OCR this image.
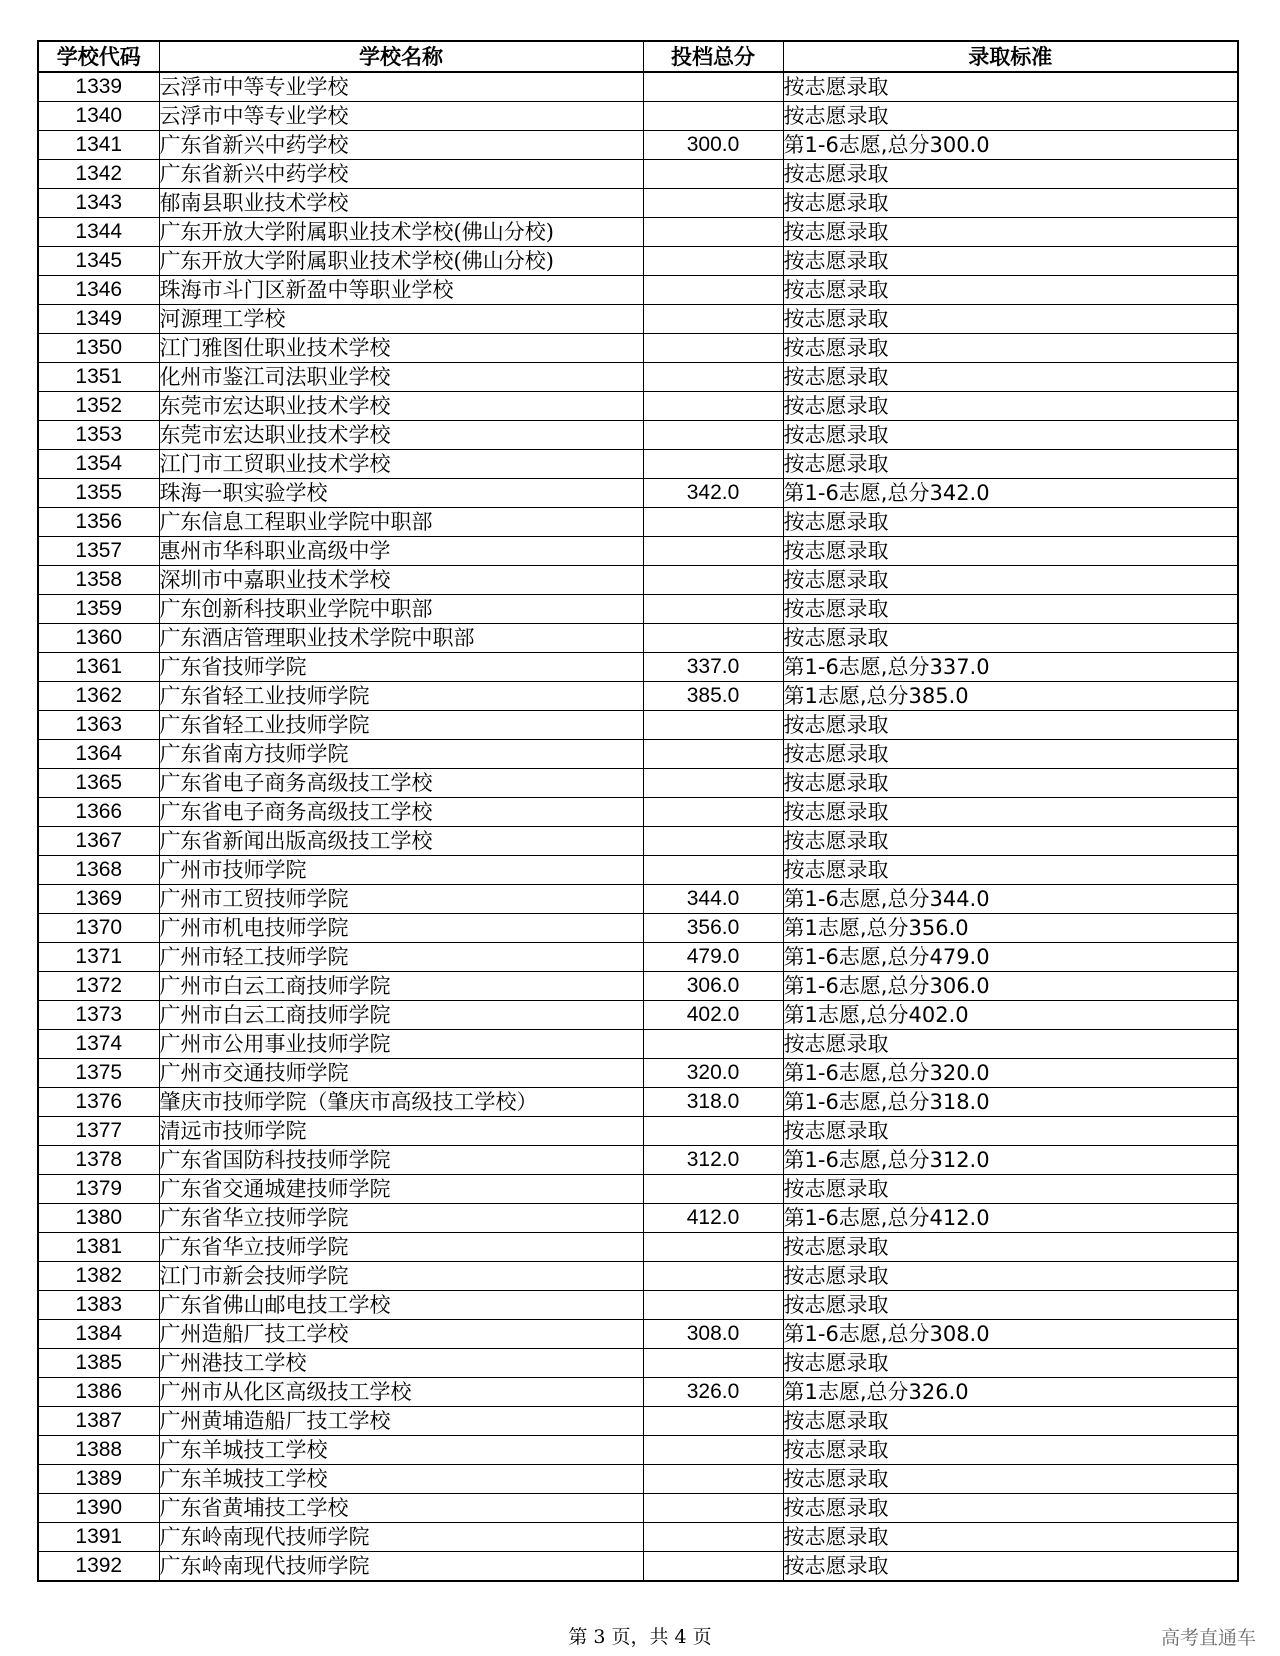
学校代码	学校名称	投档总分	录取标准
1339	云浮市中等专业学校		按志愿录取
1340	云浮市中等专业学校		按志愿录取
1341	广东省新兴中药学校	300.0	第1-6志愿,总分300.0
1342	广东省新兴中药学校		按志愿录取
1343	郁南县职业技术学校		按志愿录取
1344	广东开放大学附属职业技术学校(佛山分校)		按志愿录取
1345	广东开放大学附属职业技术学校(佛山分校)		按志愿录取
1346	珠海市斗门区新盈中等职业学校		按志愿录取
1349	河源理工学校		按志愿录取
1350	江门雅图仕职业技术学校		按志愿录取
1351	化州市鉴江司法职业学校		按志愿录取
1352	东莞市宏达职业技术学校		按志愿录取
1353	东莞市宏达职业技术学校		按志愿录取
1354	江门市工贸职业技术学校		按志愿录取
1355	珠海一职实验学校	342.0	第1-6志愿,总分342.0
1356	广东信息工程职业学院中职部		按志愿录取
1357	惠州市华科职业高级中学		按志愿录取
1358	深圳市中嘉职业技术学校		按志愿录取
1359	广东创新科技职业学院中职部		按志愿录取
1360	广东酒店管理职业技术学院中职部		按志愿录取
1361	广东省技师学院	337.0	第1-6志愿,总分337.0
1362	广东省轻工业技师学院	385.0	第1志愿,总分385.0
1363	广东省轻工业技师学院		按志愿录取
1364	广东省南方技师学院		按志愿录取
1365	广东省电子商务高级技工学校		按志愿录取
1366	广东省电子商务高级技工学校		按志愿录取
1367	广东省新闻出版高级技工学校		按志愿录取
1368	广州市技师学院		按志愿录取
1369	广州市工贸技师学院	344.0	第1-6志愿,总分344.0
1370	广州市机电技师学院	356.0	第1志愿,总分356.0
1371	广州市轻工技师学院	479.0	第1-6志愿,总分479.0
1372	广州市白云工商技师学院	306.0	第1-6志愿,总分306.0
1373	广州市白云工商技师学院	402.0	第1志愿,总分402.0
1374	广州市公用事业技师学院		按志愿录取
1375	广州市交通技师学院	320.0	第1-6志愿,总分320.0
1376	肇庆市技师学院（肇庆市高级技工学校）	318.0	第1-6志愿,总分318.0
1377	清远市技师学院		按志愿录取
1378	广东省国防科技技师学院	312.0	第1-6志愿,总分312.0
1379	广东省交通城建技师学院		按志愿录取
1380	广东省华立技师学院	412.0	第1-6志愿,总分412.0
1381	广东省华立技师学院		按志愿录取
1382	江门市新会技师学院		按志愿录取
1383	广东省佛山邮电技工学校		按志愿录取
1384	广州造船厂技工学校	308.0	第1-6志愿,总分308.0
1385	广州港技工学校		按志愿录取
1386	广州市从化区高级技工学校	326.0	第1志愿,总分326.0
1387	广州黄埔造船厂技工学校		按志愿录取
1388	广东羊城技工学校		按志愿录取
1389	广东羊城技工学校		按志愿录取
1390	广东省黄埔技工学校		按志愿录取
1391	广东岭南现代技师学院		按志愿录取
1392	广东岭南现代技师学院		按志愿录取
第 3 页，共 4 页	高考直通车
